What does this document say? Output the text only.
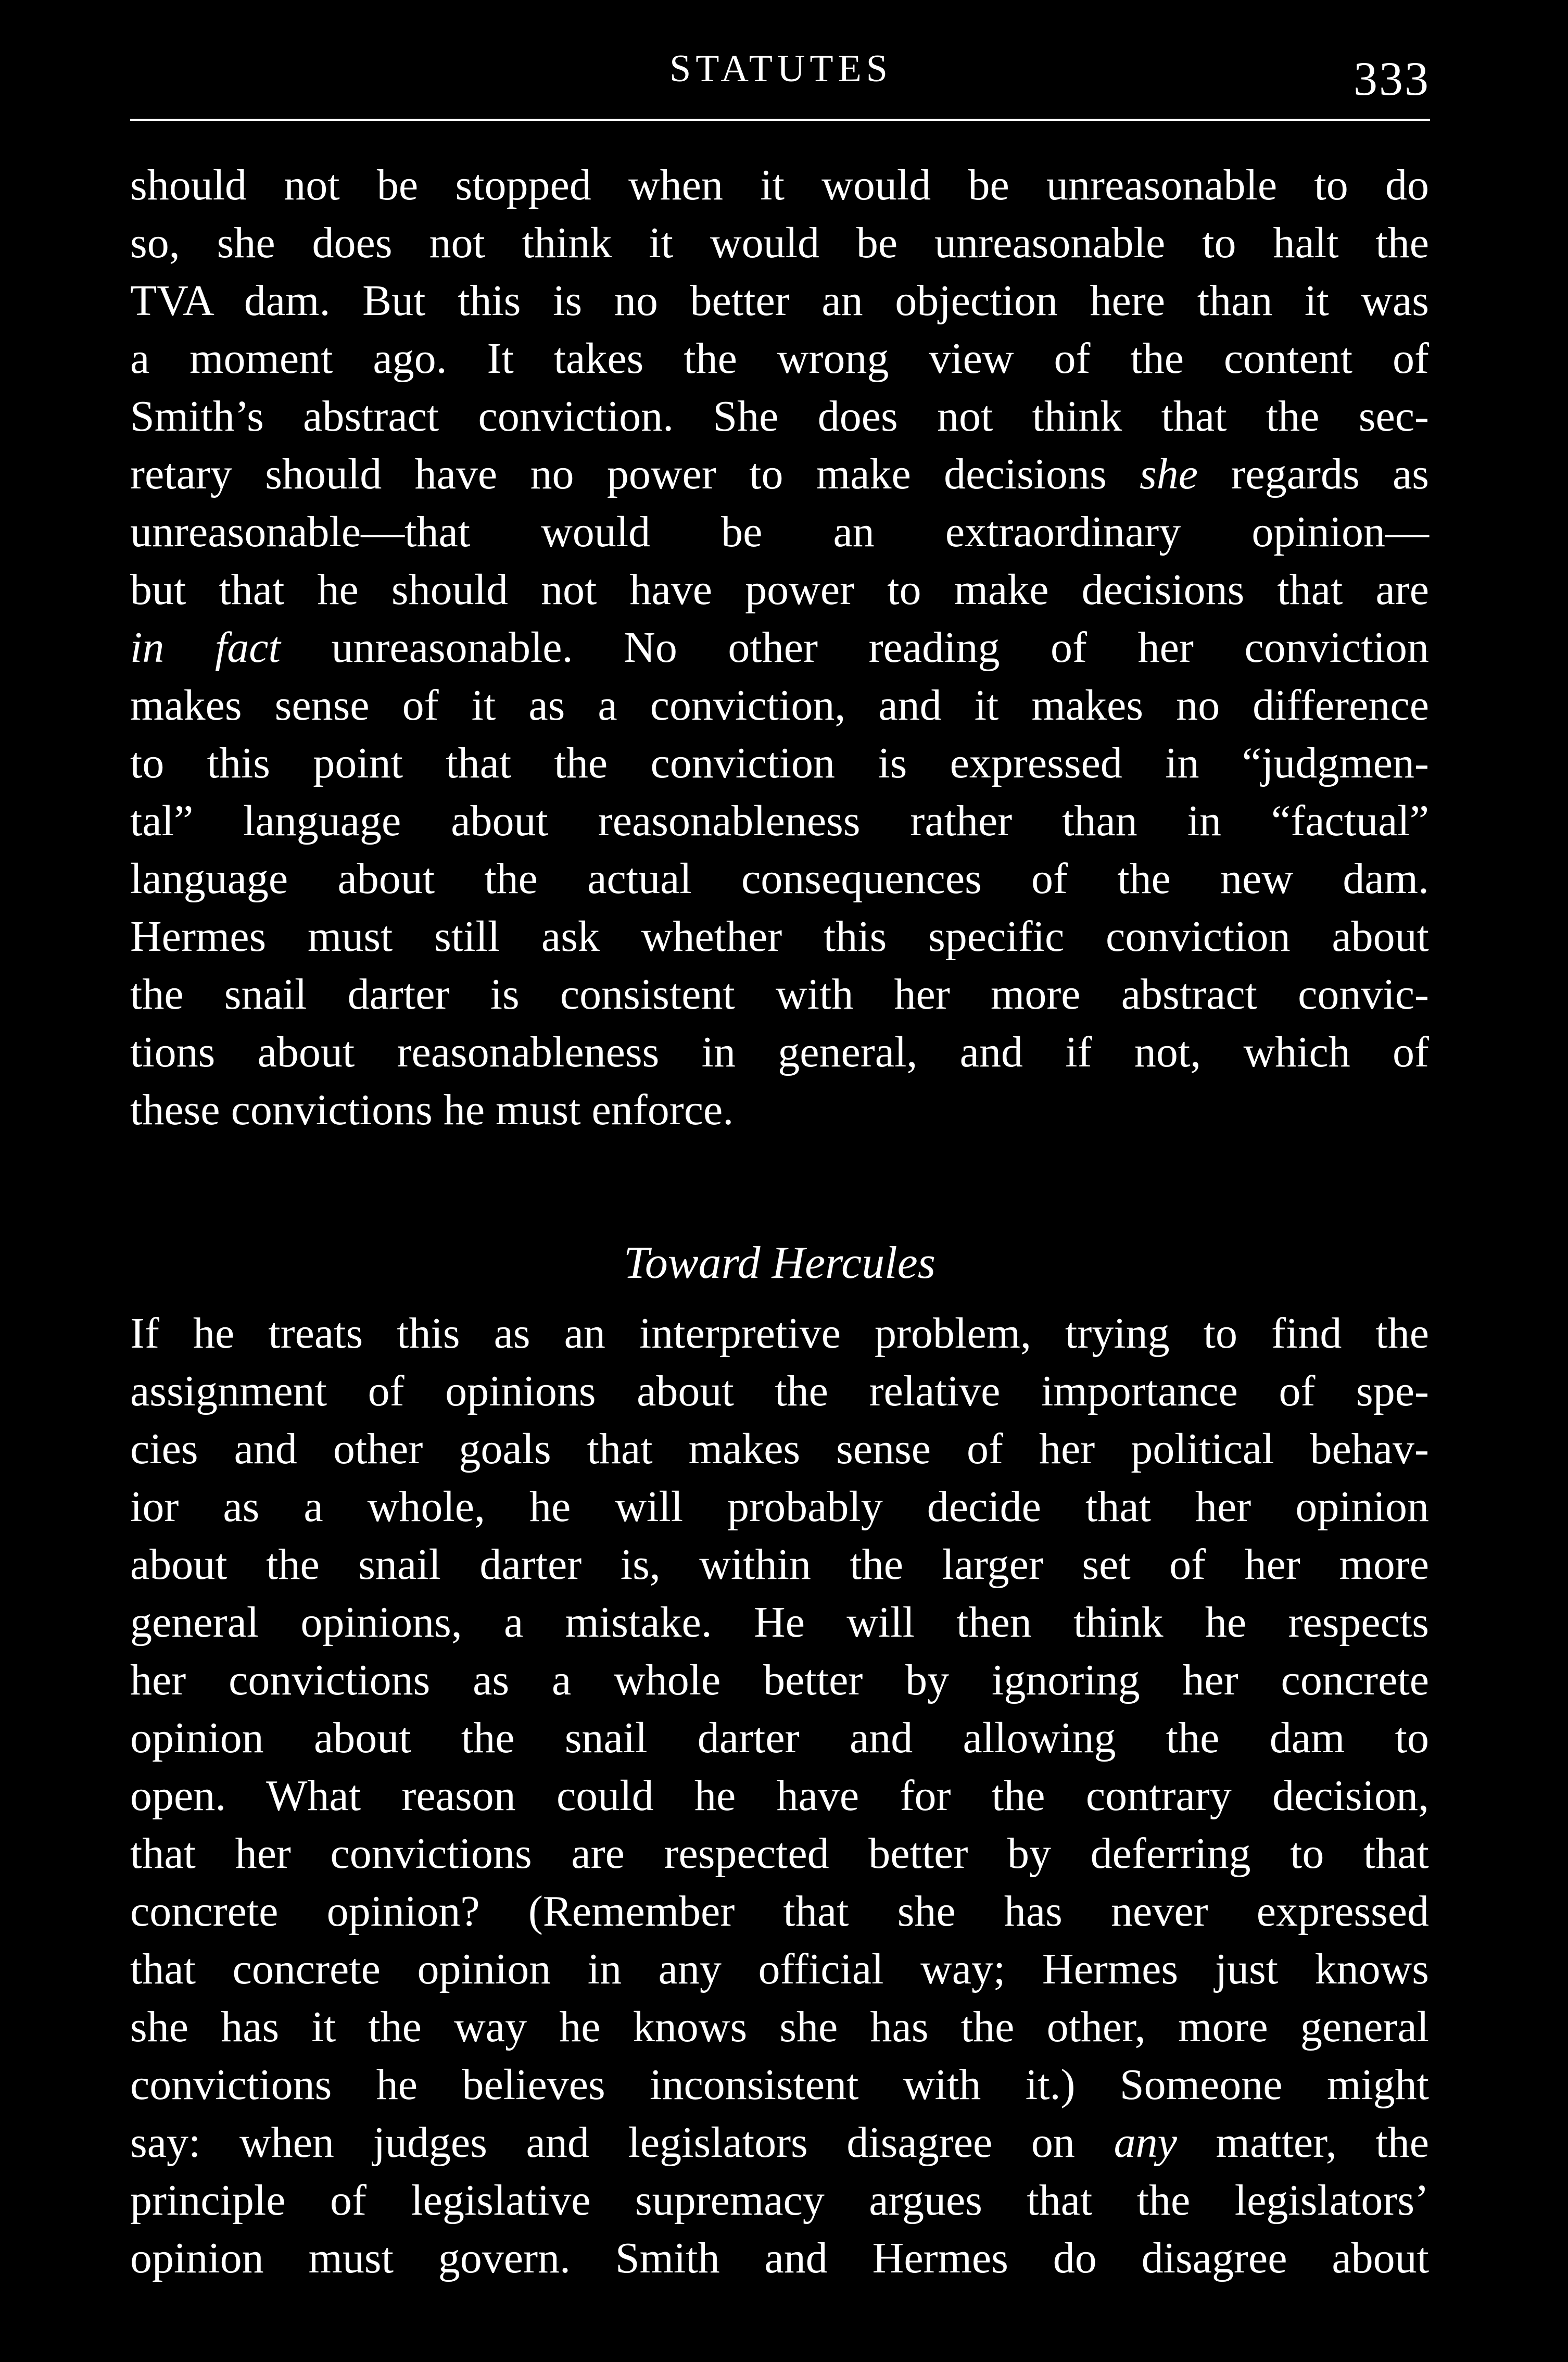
STATUTES	333
should not be stopped when it would be unreasonable to do
so, she does not think it would be unreasonable to halt the
TVA dam. But this is no better an objection here than it was
a moment ago. It takes the wrong view of the content of
Smith’s abstract conviction. She does not think that the sec-
retary should have no power to make decisions she regards as
unreasonable—that would be an extraordinary opinion—
but that he should not have power to make decisions that are
in fact unreasonable. No other reading of her conviction
makes sense of it as a conviction, and it makes no difference
to this point that the conviction is expressed in “judgmen-
tal” language about reasonableness rather than in “factual”
language about the actual consequences of the new dam.
Hermes must still ask whether this specific conviction about
the snail darter is consistent with her more abstract convic-
tions about reasonableness in general, and if not, which of
these convictions he must enforce.
Toward Hercules
If he treats this as an interpretive problem, trying to find the
assignment of opinions about the relative importance of spe-
cies and other goals that makes sense of her political behav-
ior as a whole, he will probably decide that her opinion
about the snail darter is, within the larger set of her more
general opinions, a mistake. He will then think he respects
her convictions as a whole better by ignoring her concrete
opinion about the snail darter and allowing the dam to
open. What reason could he have for the contrary decision,
that her convictions are respected better by deferring to that
concrete opinion? (Remember that she has never expressed
that concrete opinion in any official way; Hermes just knows
she has it the way he knows she has the other, more general
convictions he believes inconsistent with it.) Someone might
say: when judges and legislators disagree on any matter, the
principle of legislative supremacy argues that the legislators’
opinion must govern. Smith and Hermes do disagree about
